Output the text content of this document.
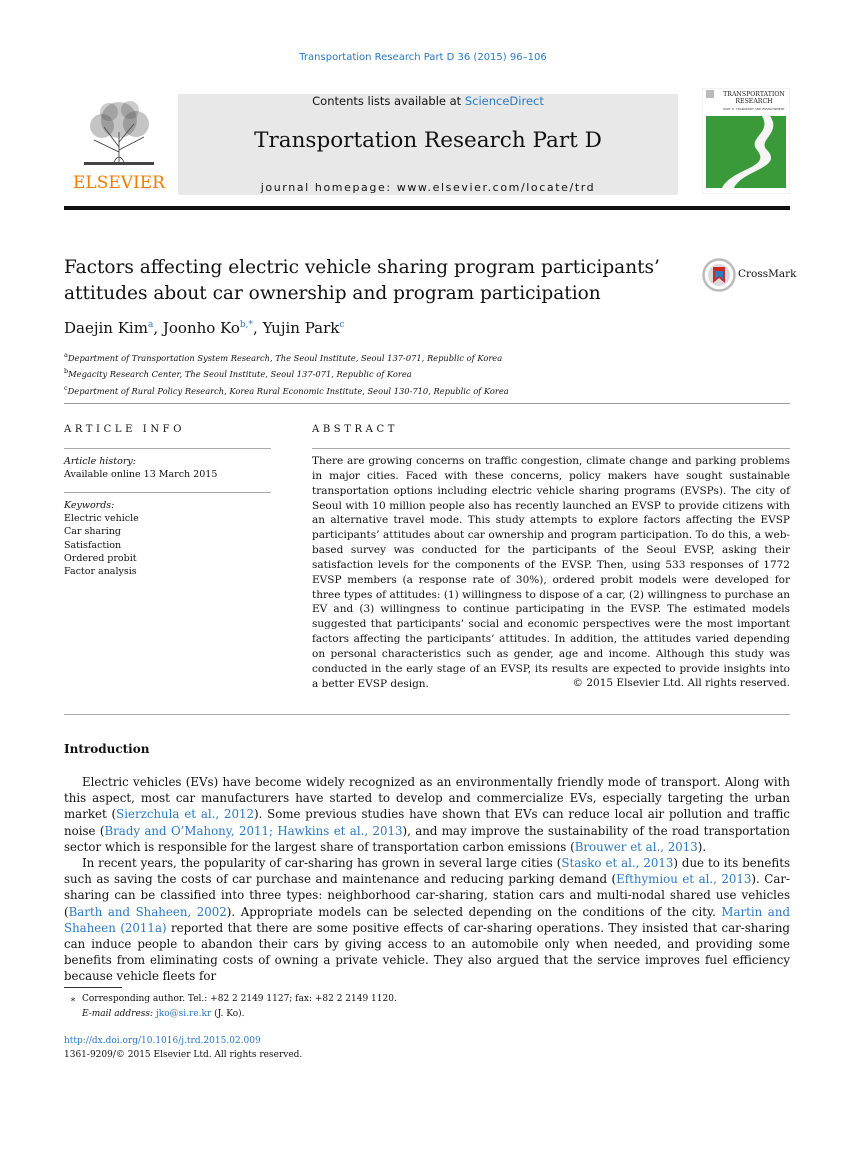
Transportation Research Part D 36 (2015) 96–106
ELSEVIER
Contents lists available at ScienceDirect
Transportation Research Part D
journal homepage: www.elsevier.com/locate/trd
TRANSPORTATION
RESEARCH
PART D: TRANSPORT AND ENVIRONMENT
Factors affecting electric vehicle sharing program participants’
attitudes about car ownership and program participation
CrossMark
Daejin Kim$^a$, Joonho $Ko^{b,*}$, Yujin Park$^c$
$^a$Department of Transportation System Research, The Seoul Institute, Seoul 137-071, Republic of Korea
$^b$Megacity Research Center, The Seoul Institute, Seoul 137-071, Republic of Korea
$^c$Department of Rural Policy Research, Korea Rural Economic Institute, Seoul 130-710, Republic of Korea
ARTICLE INFO	ABSTRACT
Article history:
Available online 13 March 2015
Keywords:
Electric vehicle
Car sharing
Satisfaction
Ordered probit
Factor analysis
There are growing concerns on traffic congestion, climate change and parking problems in major cities. Faced with these concerns, policy makers have sought sustainable transportation options including electric vehicle sharing programs (EVSPs). The city of Seoul with 10 million people also has recently launched an EVSP to provide citizens with an alternative travel mode. This study attempts to explore factors affecting the EVSP participants’ attitudes about car ownership and program participation. To do this, a web-based survey was conducted for the participants of the Seoul EVSP, asking their satisfaction levels for the components of the EVSP. Then, using 533 responses of 1772 EVSP members (a response rate of 30%), ordered probit models were developed for three types of attitudes: (1) willingness to dispose of a car, (2) willingness to purchase an EV and (3) willingness to continue participating in the EVSP. The estimated models suggested that participants’ social and economic perspectives were the most important factors affecting the participants’ attitudes. In addition, the attitudes varied depending on personal characteristics such as gender, age and income. Although this study was conducted in the early stage of an EVSP, its results are expected to provide insights into a better EVSP design.	© 2015 Elsevier Ltd. All rights reserved.
Introduction
Electric vehicles (EVs) have become widely recognized as an environmentally friendly mode of transport. Along with this aspect, most car manufacturers have started to develop and commercialize EVs, especially targeting the urban market (Sierzchula et al., 2012). Some previous studies have shown that EVs can reduce local air pollution and traffic noise (Brady and O’Mahony, 2011; Hawkins et al., 2013), and may improve the sustainability of the road transportation sector which is responsible for the largest share of transportation carbon emissions (Brouwer et al., 2013).
In recent years, the popularity of car-sharing has grown in several large cities (Stasko et al., 2013) due to its benefits such as saving the costs of car purchase and maintenance and reducing parking demand (Efthymiou et al., 2013). Car-sharing can be classified into three types: neighborhood car-sharing, station cars and multi-nodal shared use vehicles (Barth and Shaheen, 2002). Appropriate models can be selected depending on the conditions of the city. Martin and Shaheen (2011a) reported that there are some positive effects of car-sharing operations. They insisted that car-sharing can induce people to abandon their cars by giving access to an automobile only when needed, and providing some benefits from eliminating costs of owning a private vehicle. They also argued that the service improves fuel efficiency because vehicle fleets for
⁎ Corresponding author. Tel.: +82 2 2149 1127; fax: +82 2 2149 1120.
E-mail address: jko@si.re.kr (J. Ko).
http://dx.doi.org/10.1016/j.trd.2015.02.009
1361-9209/© 2015 Elsevier Ltd. All rights reserved.
